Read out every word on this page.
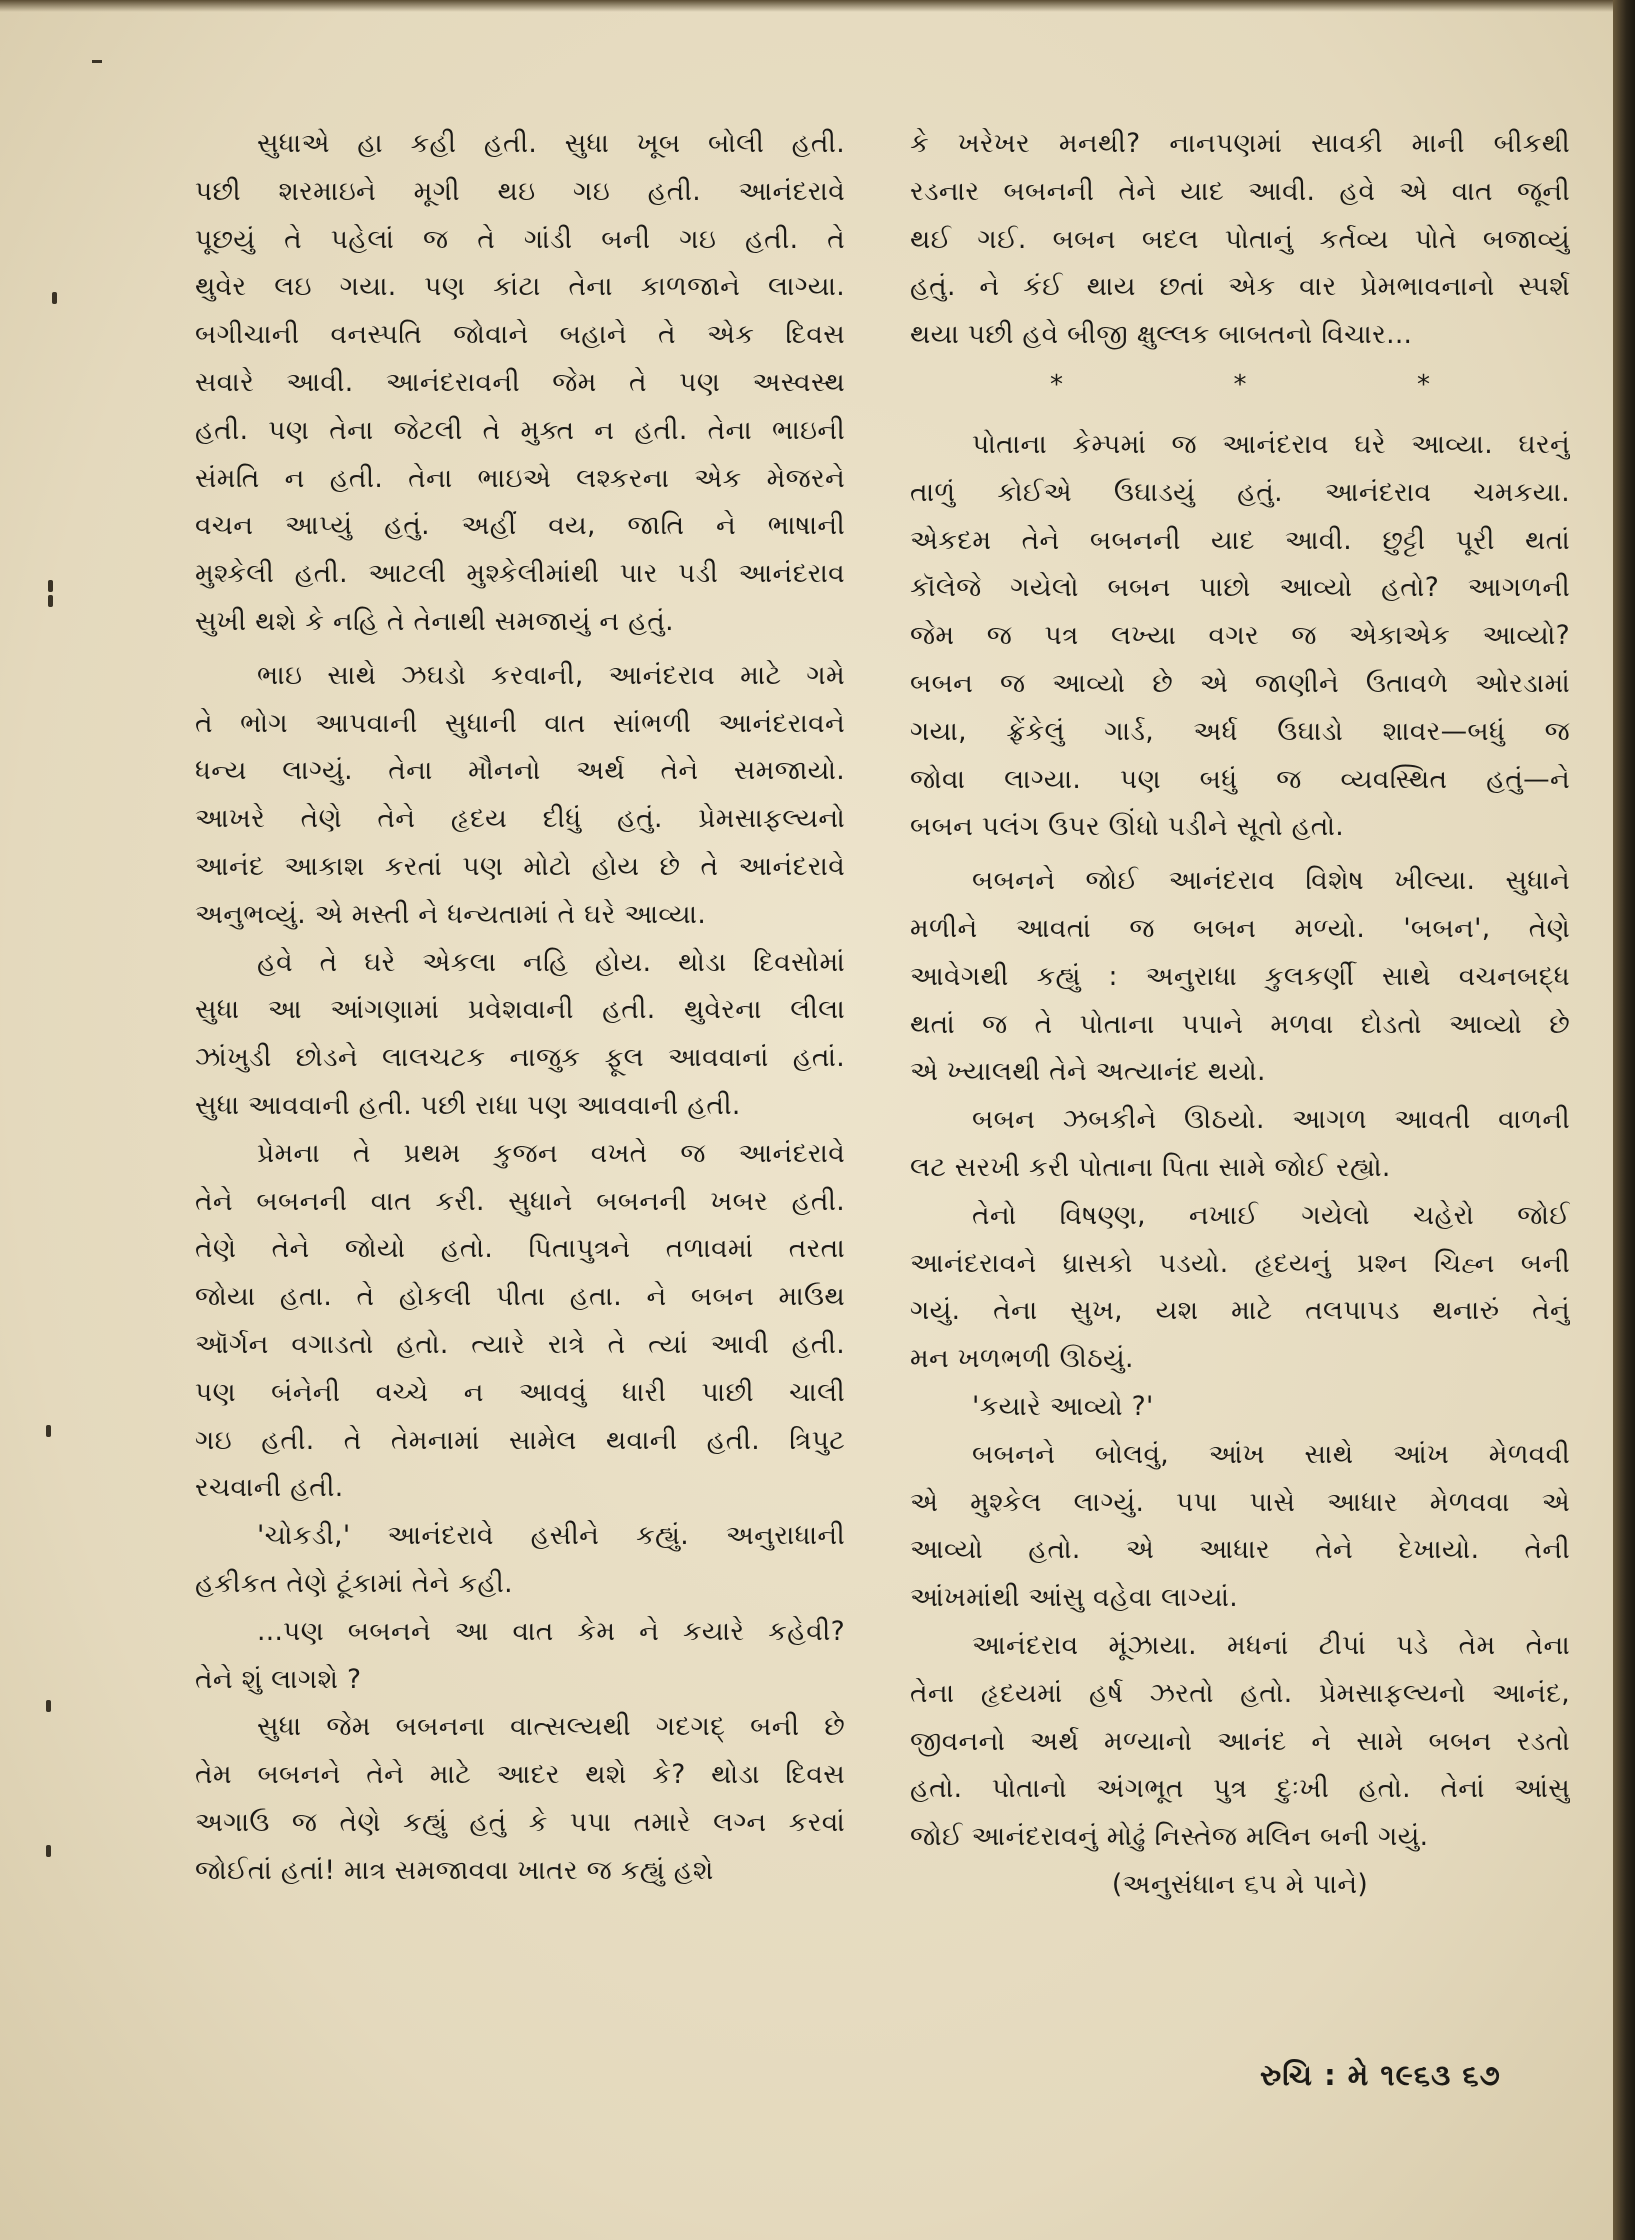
સુધાએ હા કહી હતી. સુધા ખૂબ બોલી હતી.
પછી શરમાઇને મૂગી થઇ ગઇ હતી. આનંદરાવે
પૂછયું તે પહેલાં જ તે ગાંડી બની ગઇ હતી. તે
થુવેર લઇ ગયા. પણ કાંટા તેના કાળજાને લાગ્યા.
બગીચાની વનસ્પતિ જોવાને બહાને તે એક દિવસ
સવારે આવી. આનંદરાવની જેમ તે પણ અસ્વસ્થ
હતી. પણ તેના જેટલી તે મુક્ત ન હતી. તેના ભાઇની
સંમતિ ન હતી. તેના ભાઇએ લશ્કરના એક મેજરને
વચન આપ્યું હતું. અહીં વય, જાતિ ને ભાષાની
મુશ્કેલી હતી. આટલી મુશ્કેલીમાંથી પાર પડી આનંદરાવ
સુખી થશે કે નહિ તે તેનાથી સમજાયું ન હતું.
ભાઇ સાથે ઝઘડો કરવાની, આનંદરાવ માટે ગમે
તે ભોગ આપવાની સુધાની વાત સાંભળી આનંદરાવને
ધન્ય લાગ્યું. તેના મૌનનો અર્થ તેને સમજાયો.
આખરે તેણે તેને હૃદય દીધું હતું. પ્રેમસાફલ્યનો
આનંદ આકાશ કરતાં પણ મોટો હોય છે તે આનંદરાવે
અનુભવ્યું. એ મસ્તી ને ધન્યતામાં તે ઘરે આવ્યા.
હવે તે ઘરે એકલા નહિ હોય. થોડા દિવસોમાં
સુધા આ આંગણામાં પ્રવેશવાની હતી. થુવેરના લીલા
ઝાંખુડી છોડને લાલચટક નાજુક ફૂલ આવવાનાં હતાં.
સુધા આવવાની હતી. પછી રાધા પણ આવવાની હતી.
પ્રેમના તે પ્રથમ કુજન વખતે જ આનંદરાવે
તેને બબનની વાત કરી. સુધાને બબનની ખબર હતી.
તેણે તેને જોયો હતો. પિતાપુત્રને તળાવમાં તરતા
જોયા હતા. તે હોકલી પીતા હતા. ને બબન માઉથ
ઑર્ગન વગાડતો હતો. ત્યારે રાત્રે તે ત્યાં આવી હતી.
પણ બંનેની વચ્ચે ન આવવું ધારી પાછી ચાલી
ગઇ હતી. તે તેમનામાં સામેલ થવાની હતી. ત્રિપુટ
રચવાની હતી.
'ચોકડી,' આનંદરાવે હસીને કહ્યું. અનુરાધાની
હકીકત તેણે ટૂંકામાં તેને કહી.
...પણ બબનને આ વાત કેમ ને કયારે કહેવી?
તેને શું લાગશે ?
સુધા જેમ બબનના વાત્સલ્યથી ગદગદ્ બની છે
તેમ બબનને તેને માટે આદર થશે કે? થોડા દિવસ
અગાઉ જ તેણે કહ્યું હતું કે પપા તમારે લગ્ન કરવાં
જોઈતાં હતાં! માત્ર સમજાવવા ખાતર જ કહ્યું હશે
કે ખરેખર મનથી? નાનપણમાં સાવકી માની બીકથી
રડનાર બબનની તેને યાદ આવી. હવે એ વાત જૂની
થઈ ગઈ. બબન બદલ પોતાનું કર્તવ્ય પોતે બજાવ્યું
હતું. ને કંઈ થાય છતાં એક વાર પ્રેમભાવનાનો સ્પર્શ
થયા પછી હવે બીજી ક્ષુલ્લક બાબતનો વિચાર...
*	*	*
પોતાના કેમ્પમાં જ આનંદરાવ ઘરે આવ્યા. ઘરનું
તાળું કોઈએ ઉઘાડયું હતું. આનંદરાવ ચમકયા.
એકદમ તેને બબનની યાદ આવી. છુટ્ટી પૂરી થતાં
કૉલેજે ગયેલો બબન પાછો આવ્યો હતો? આગળની
જેમ જ પત્ર લખ્યા વગર જ એકાએક આવ્યો?
બબન જ આવ્યો છે એ જાણીને ઉતાવળે ઓરડામાં
ગયા, ફ્રેંકેલું ગાર્ડ, અર્ધ ઉઘાડો શાવર—બધું જ
જોવા લાગ્યા. પણ બધું જ વ્યવસ્થિત હતું—ને
બબન પલંગ ઉપર ઊંધો પડીને સૂતો હતો.
બબનને જોઈ આનંદરાવ વિશેષ ખીલ્યા. સુધાને
મળીને આવતાં જ બબન મળ્યો. 'બબન', તેણે
આવેગથી કહ્યું : અનુરાધા કુલકર્ણી સાથે વચનબદ્ધ
થતાં જ તે પોતાના પપાને મળવા દોડતો આવ્યો છે
એ ખ્યાલથી તેને અત્યાનંદ થયો.
બબન ઝબકીને ઊઠયો. આગળ આવતી વાળની
લટ સરખી કરી પોતાના પિતા સામે જોઈ રહ્યો.
તેનો વિષણ્ણ, નખાઈ ગયેલો ચહેરો જોઈ
આનંદરાવને ધ્રાસકો પડયો. હૃદયનું પ્રશ્ન ચિહ્ન બની
ગયું. તેના સુખ, યશ માટે તલપાપડ થનારું તેનું
મન ખળભળી ઊઠયું.
'કયારે આવ્યો ?'
બબનને બોલવું, આંખ સાથે આંખ મેળવવી
એ મુશ્કેલ લાગ્યું. પપા પાસે આધાર મેળવવા એ
આવ્યો હતો. એ આધાર તેને દેખાયો. તેની
આંખમાંથી આંસુ વહેવા લાગ્યાં.
આનંદરાવ મૂંઝાયા. મધનાં ટીપાં પડે તેમ તેના
તેના હૃદયમાં હર્ષ ઝરતો હતો. પ્રેમસાફલ્યનો આનંદ,
જીવનનો અર્થ મળ્યાનો આનંદ ને સામે બબન રડતો
હતો. પોતાનો અંગભૂત પુત્ર દુઃખી હતો. તેનાં આંસુ
જોઈ આનંદરાવનું મોઢું નિસ્તેજ મલિન બની ગયું.
(અનુસંધાન ૬૫ મે પાને)
રુચિ : મે ૧૯૬૩ ૬૭
